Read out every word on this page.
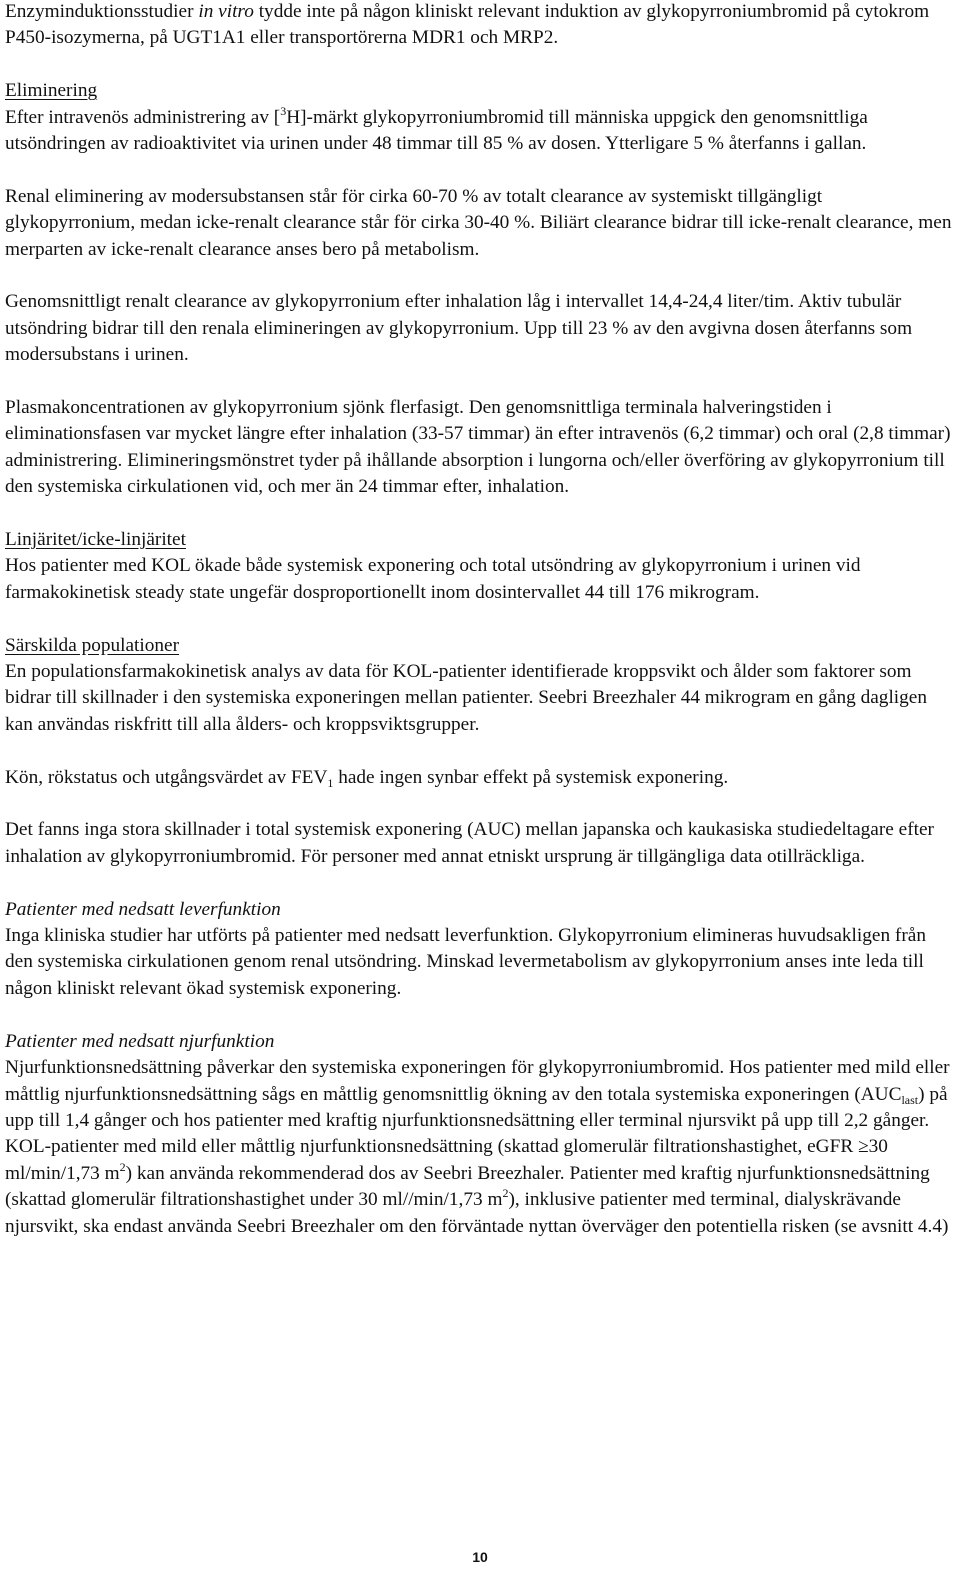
Enzyminduktionsstudier in vitro tydde inte på någon kliniskt relevant induktion av glykopyrroniumbromid på cytokrom P450-isozymerna, på UGT1A1 eller transportörerna MDR1 och MRP2.

Eliminering

Efter intravenös administrering av [$^3$H]-märkt glykopyrroniumbromid till människa uppgick den genomsnittliga utsöndringen av radioaktivitet via urinen under 48 timmar till 85 % av dosen. Ytterligare 5 % återfanns i gallan.

Renal eliminering av modersubstansen står för cirka 60-70 % av totalt clearance av systemiskt tillgängligt glykopyrronium, medan icke-renalt clearance står för cirka 30-40 %. Biliärt clearance bidrar till icke-renalt clearance, men merparten av icke-renalt clearance anses bero på metabolism.

Genomsnittligt renalt clearance av glykopyrronium efter inhalation låg i intervallet 14,4-24,4 liter/tim. Aktiv tubulär utsöndring bidrar till den renala elimineringen av glykopyrronium. Upp till 23 % av den avgivna dosen återfanns som modersubstans i urinen.

Plasmakoncentrationen av glykopyrronium sjönk flerfasigt. Den genomsnittliga terminala halveringstiden i eliminationsfasen var mycket längre efter inhalation (33-57 timmar) än efter intravenös (6,2 timmar) och oral (2,8 timmar) administrering. Elimineringsmönstret tyder på ihållande absorption i lungorna och/eller överföring av glykopyrronium till den systemiska cirkulationen vid, och mer än 24 timmar efter, inhalation.

Linjäritet/icke-linjäritet

Hos patienter med KOL ökade både systemisk exponering och total utsöndring av glykopyrronium i urinen vid farmakokinetisk steady state ungefär dosproportionellt inom dosintervallet 44 till 176 mikrogram.

Särskilda populationer

En populationsfarmakokinetisk analys av data för KOL-patienter identifierade kroppsvikt och ålder som faktorer som bidrar till skillnader i den systemiska exponeringen mellan patienter. Seebri Breezhaler 44 mikrogram en gång dagligen kan användas riskfritt till alla ålders- och kroppsviktsgrupper.

Kön, rökstatus och utgångsvärdet av $FEV_1$ hade ingen synbar effekt på systemisk exponering.

Det fanns inga stora skillnader i total systemisk exponering (AUC) mellan japanska och kaukasiska studiedeltagare efter inhalation av glykopyrroniumbromid. För personer med annat etniskt ursprung är tillgängliga data otillräckliga.

Patienter med nedsatt leverfunktion

Inga kliniska studier har utförts på patienter med nedsatt leverfunktion. Glykopyrronium elimineras huvudsakligen från den systemiska cirkulationen genom renal utsöndring. Minskad levermetabolism av glykopyrronium anses inte leda till någon kliniskt relevant ökad systemisk exponering.

Patienter med nedsatt njurfunktion

Njurfunktionsnedsättning påverkar den systemiska exponeringen för glykopyrroniumbromid. Hos patienter med mild eller måttlig njurfunktionsnedsättning sågs en måttlig genomsnittlig ökning av den totala systemiska exponeringen $(AUC_{last})$ på upp till 1,4 gånger och hos patienter med kraftig njurfunktionsnedsättning eller terminal njursvikt på upp till 2,2 gånger. KOL-patienter med mild eller måttlig njurfunktionsnedsättning (skattad glomerulär filtrationshastighet, eGFR ≥30 ml/min/1,73 $m^2$) kan använda rekommenderad dos av Seebri Breezhaler. Patienter med kraftig njurfunktionsnedsättning (skattad glomerulär filtrationshastighet under 30 ml//min/1,73 $m^2$), inklusive patienter med terminal, dialyskrävande njursvikt, ska endast använda Seebri Breezhaler om den förväntade nyttan överväger den potentiella risken (se avsnitt 4.4)

10
